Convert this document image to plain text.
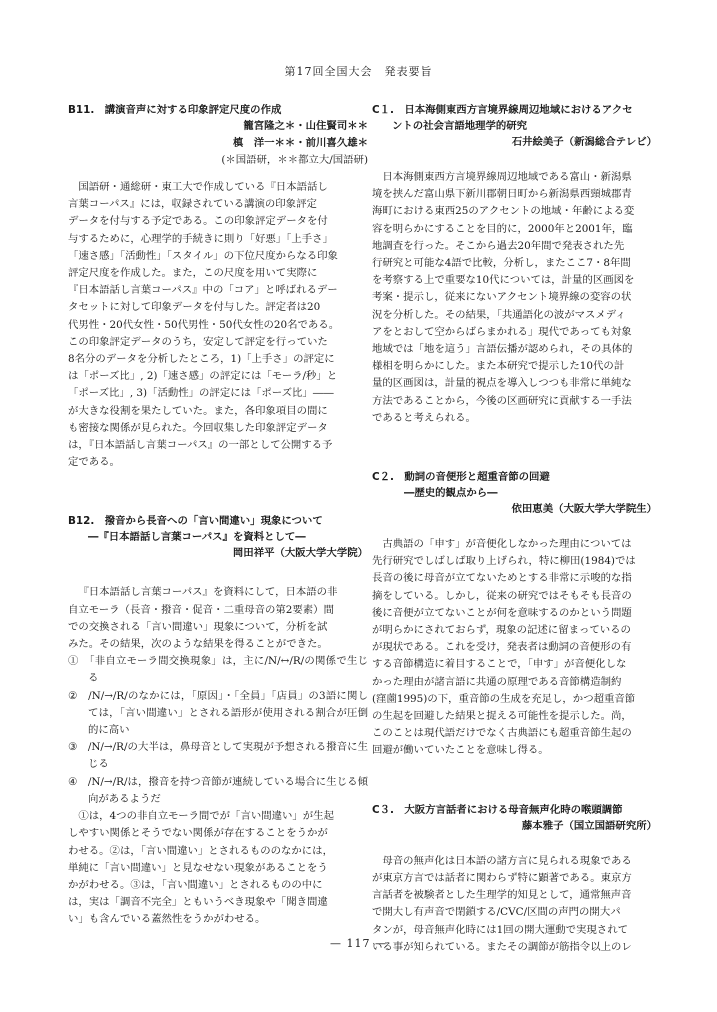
第17回全国大会　発表要旨
B11.　講演音声に対する印象評定尺度の作成
籠宮隆之＊・山住賢司＊＊
槙　洋一＊＊・前川喜久雄＊
(＊国語研，＊＊都立大/国語研)

国語研・通総研・東工大で作成している『日本語話し

言葉コーパス』には，収録されている講演の印象評定
データを付与する予定である。この印象評定データを付
与するために，心理学的手続きに則り「好悪」「上手さ」
「速さ感」「活動性」「スタイル」の下位尺度からなる印象
評定尺度を作成した。また，この尺度を用いて実際に
『日本語話し言葉コーパス』中の「コア」と呼ばれるデー
タセットに対して印象データを付与した。評定者は20
代男性・20代女性・50代男性・50代女性の20名である。
この印象評定データのうち，安定して評定を行っていた
8名分のデータを分析したところ，1)「上手さ」の評定に
は「ポーズ比」, 2)「速さ感」の評定には「モーラ/秒」と
「ポーズ比」, 3)「活動性」の評定には「ポーズ比」――
が大きな役割を果たしていた。また，各印象項目の間に
も密接な関係が見られた。今回収集した印象評定データ
は，『日本語話し言葉コーパス』の一部として公開する予
定である。
B12.　撥音から長音への「言い間違い」現象について
―『日本語話し言葉コーパス』を資料として―
岡田祥平（大阪大学大学院）

『日本語話し言葉コーパス』を資料にして，日本語の非

自立モーラ（長音・撥音・促音・二重母音の第2要素）間
での交換される「言い間違い」現象について，分析を試
みた。その結果，次のような結果を得ることができた。
①　「非自立モーラ間交換現象」は，主に/N/↔/R/の関係で生じる
②　/N/→/R/のなかには，「原因」・「全員」「店員」の3語に関しては，「言い間違い」とされる語形が使用される割合が圧倒的に高い
③　/N/→/R/の大半は，鼻母音として実現が予想される撥音に生じる
④　/N/→/R/は，撥音を持つ音節が連続している場合に生じる傾向があるようだ

①は，4つの非自立モーラ間でが「言い間違い」が生起

しやすい関係とそうでない関係が存在することをうかが
わせる。②は，「言い間違い」とされるもののなかには，
単純に「言い間違い」と見なせない現象があることをう
かがわせる。③は，「言い間違い」とされるものの中に
は，実は「調音不完全」ともいうべき現象や「聞き間違
い」も含んでいる蓋然性をうかがわせる。
C１.　日本海側東西方言境界線周辺地域におけるアクセ
ントの社会言語地理学的研究
石井絵美子（新潟総合テレビ）

日本海側東西方言境界線周辺地域である富山・新潟県

境を挟んだ富山県下新川郡朝日町から新潟県西頸城郡青
海町における東西25のアクセントの地域・年齢による変
容を明らかにすることを目的に，2000年と2001年，臨
地調査を行った。そこから過去20年間で発表された先
行研究と可能な4語で比較，分析し，またここ7・8年間
を考察する上で重要な10代については，計量的区画図を
考案・提示し，従来にないアクセント境界線の変容の状
況を分析した。その結果，「共通語化の波がマスメディ
アをとおして空からばらまかれる」現代であっても対象
地域では「地を這う」言語伝播が認められ，その具体的
様相を明らかにした。また本研究で提示した10代の計
量的区画図は，計量的視点を導入しつつも非常に単純な
方法であることから，今後の区画研究に貢献する一手法
であると考えられる。
C２.　動詞の音便形と超重音節の回避
―歴史的観点から―
依田恵美（大阪大学大学院生）

古典語の「申す」が音便化しなかった理由については

先行研究でしばしば取り上げられ，特に柳田(1984)では
長音の後に母音が立てないためとする非常に示唆的な指
摘をしている。しかし，従来の研究ではそもそも長音の
後に音便が立てないことが何を意味するのかという問題
が明らかにされておらず，現象の記述に留まっているの
が現状である。これを受け，発表者は動詞の音便形の有
する音節構造に着目することで，「申す」が音便化しな
かった理由が諸言語に共通の原理である音節構造制約
(窪薗1995)の下，重音節の生成を充足し，かつ超重音節
の生起を回避した結果と捉える可能性を提示した。尚，
このことは現代語だけでなく古典語にも超重音節生起の
回避が働いていたことを意味し得る。
C３.　大阪方言話者における母音無声化時の喉頭調節
藤本雅子（国立国語研究所）

母音の無声化は日本語の諸方言に見られる現象である

が東京方言では話者に関わらず特に顕著である。東京方
言話者を被験者とした生理学的知見として，通常無声音
で開大し有声音で閉鎖する/CVC/区間の声門の開大パ
タンが，母音無声化時には1回の開大運動で実現されて
いる事が知られている。またその調節が筋指令以上のレ
— 117 —
